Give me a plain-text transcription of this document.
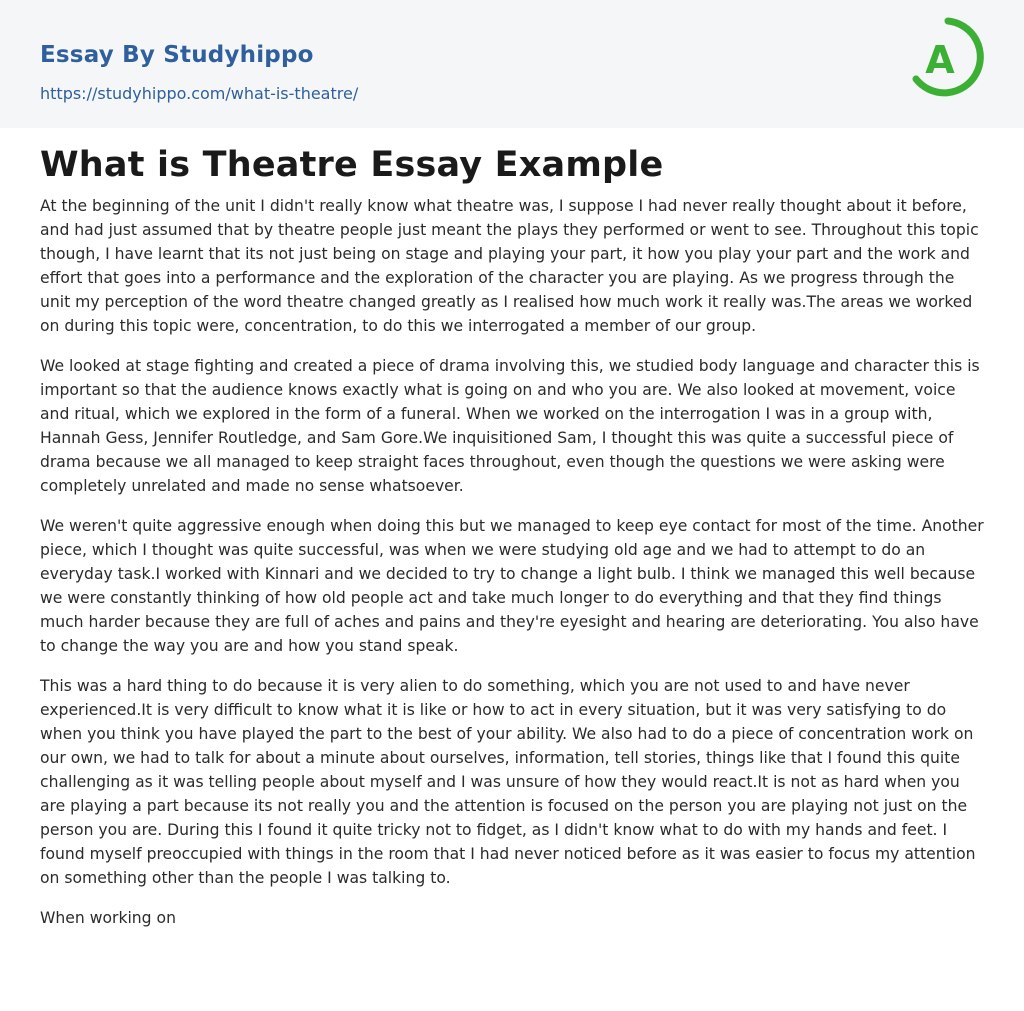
Essay By Studyhippo
https://studyhippo.com/what-is-theatre/
A
What is Theatre Essay Example

At the beginning of the unit I didn't really know what theatre was, I suppose I had never really thought about it before, and had just assumed that by theatre people just meant the plays they performed or went to see. Throughout this topic though, I have learnt that its not just being on stage and playing your part, it how you play your part and the work and effort that goes into a performance and the exploration of the character you are playing. As we progress through the unit my perception of the word theatre changed greatly as I realised how much work it really was.The areas we worked on during this topic were, concentration, to do this we interrogated a member of our group.

We looked at stage fighting and created a piece of drama involving this, we studied body language and character this is important so that the audience knows exactly what is going on and who you are. We also looked at movement, voice and ritual, which we explored in the form of a funeral. When we worked on the interrogation I was in a group with, Hannah Gess, Jennifer Routledge, and Sam Gore.We inquisitioned Sam, I thought this was quite a successful piece of drama because we all managed to keep straight faces throughout, even though the questions we were asking were completely unrelated and made no sense whatsoever.

We weren't quite aggressive enough when doing this but we managed to keep eye contact for most of the time. Another piece, which I thought was quite successful, was when we were studying old age and we had to attempt to do an everyday task.I worked with Kinnari and we decided to try to change a light bulb. I think we managed this well because we were constantly thinking of how old people act and take much longer to do everything and that they find things much harder because they are full of aches and pains and they're eyesight and hearing are deteriorating. You also have to change the way you are and how you stand speak.

This was a hard thing to do because it is very alien to do something, which you are not used to and have never experienced.It is very difficult to know what it is like or how to act in every situation, but it was very satisfying to do when you think you have played the part to the best of your ability. We also had to do a piece of concentration work on our own, we had to talk for about a minute about ourselves, information, tell stories, things like that I found this quite challenging as it was telling people about myself and I was unsure of how they would react.It is not as hard when you are playing a part because its not really you and the attention is focused on the person you are playing not just on the person you are. During this I found it quite tricky not to fidget, as I didn't know what to do with my hands and feet. I found myself preoccupied with things in the room that I had never noticed before as it was easier to focus my attention on something other than the people I was talking to.

When working on
